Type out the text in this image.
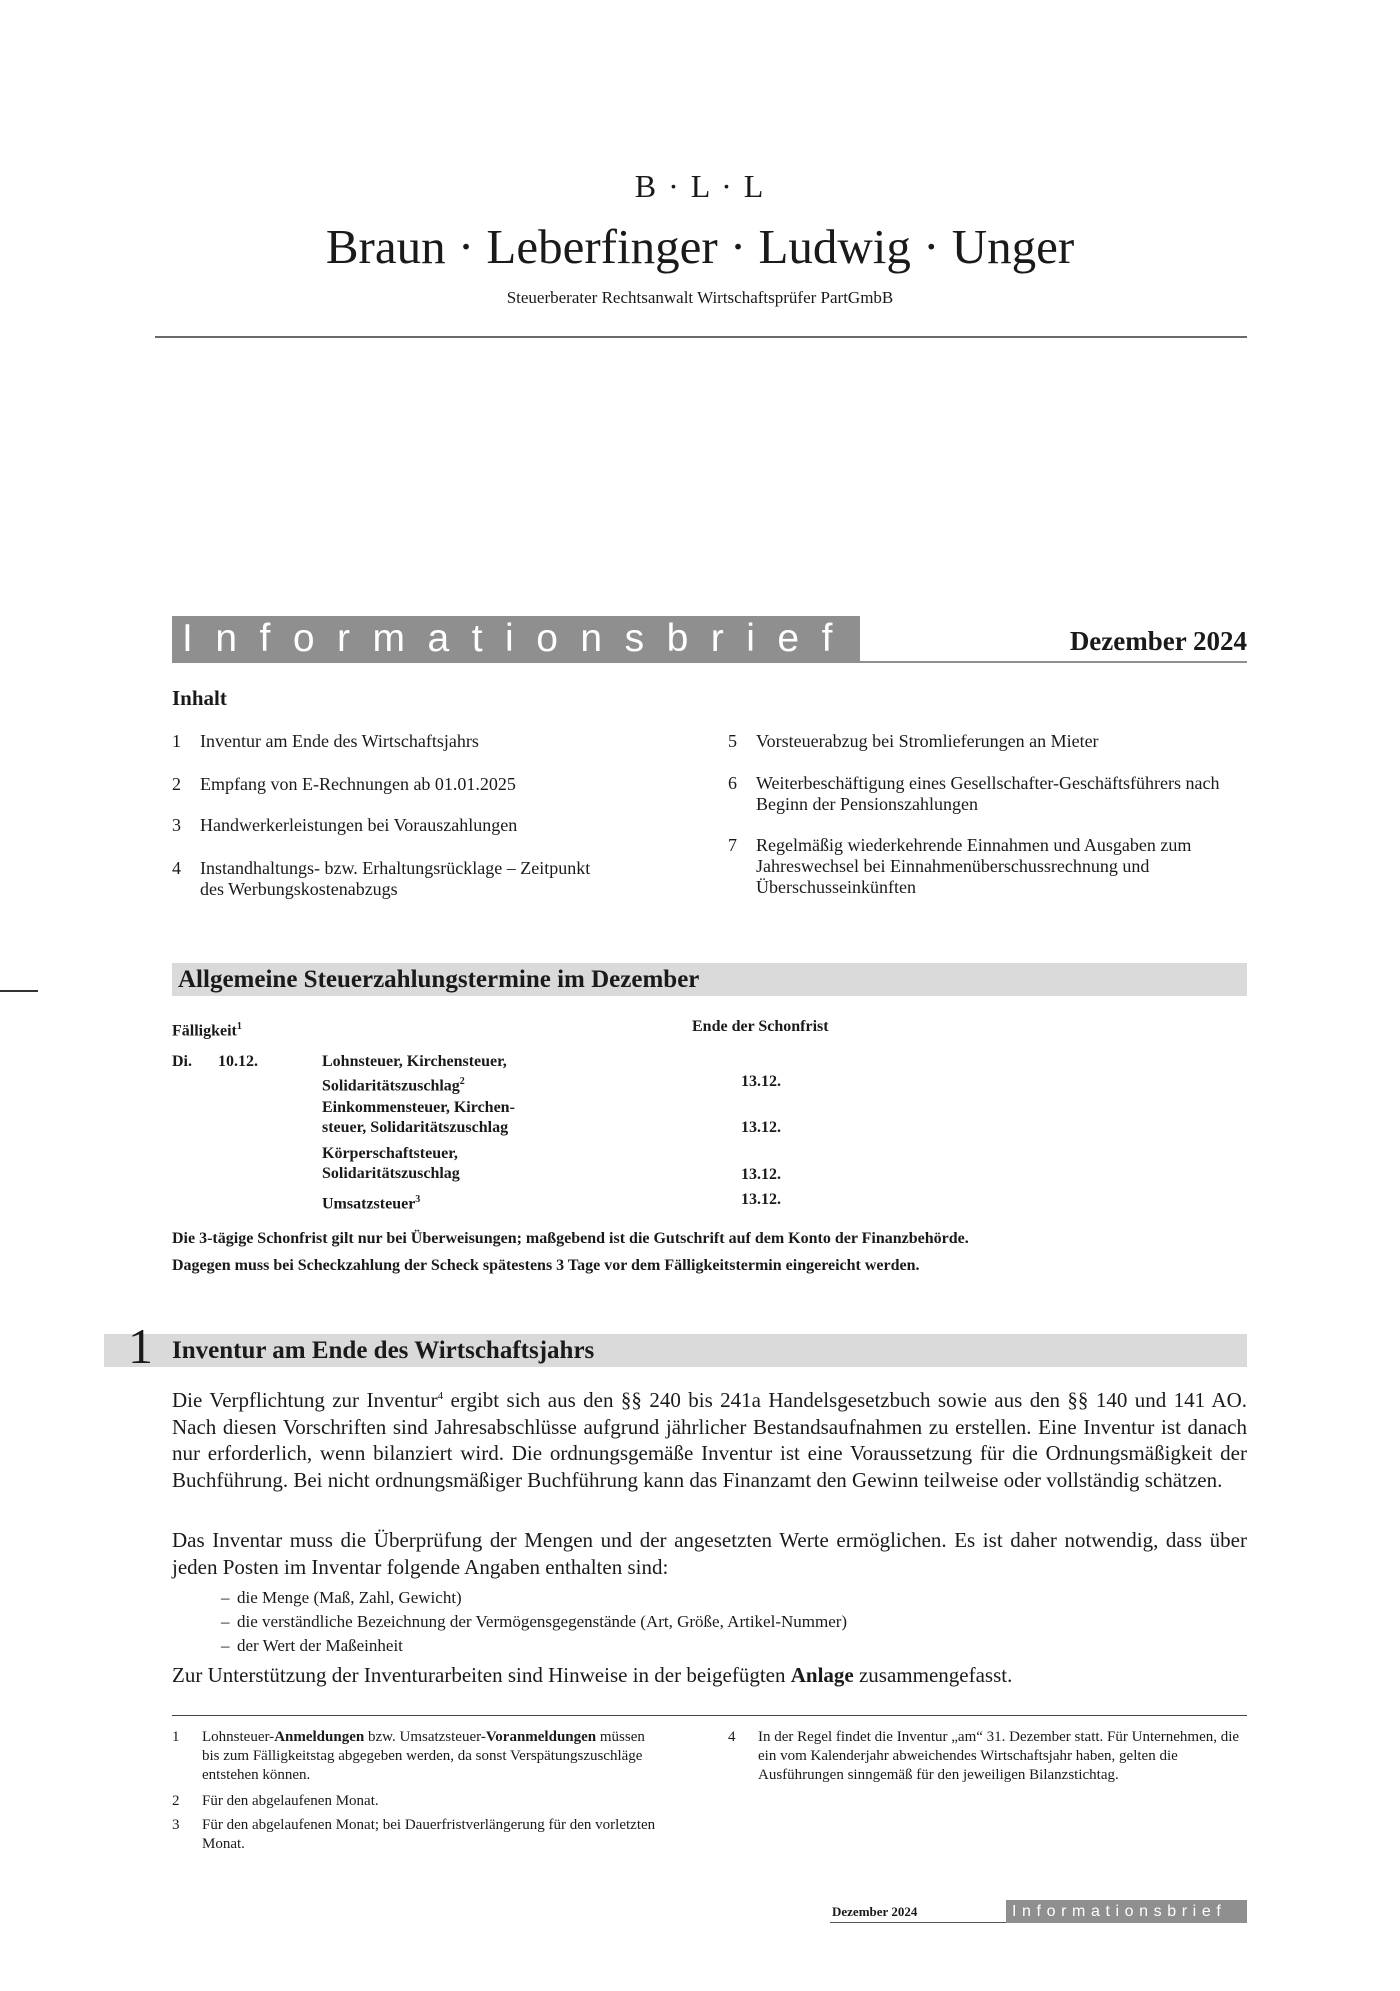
B · L · L
Braun · Leberfinger · Ludwig · Unger
Steuerberater Rechtsanwalt Wirtschaftsprüfer PartGmbB
Informationsbrief	Dezember 2024
Inhalt
1	Inventur am Ende des Wirtschaftsjahrs
2	Empfang von E-Rechnungen ab 01.01.2025
3	Handwerkerleistungen bei Vorauszahlungen
4	Instandhaltungs- bzw. Erhaltungsrücklage – Zeitpunkt des Werbungskostenabzugs
5	Vorsteuerabzug bei Stromlieferungen an Mieter
6	Weiterbeschäftigung eines Gesellschafter-Geschäftsführers nach Beginn der Pensionszahlungen
7	Regelmäßig wiederkehrende Einnahmen und Ausgaben zum Jahreswechsel bei Einnahmenüberschussrechnung und Überschusseinkünften
Allgemeine Steuerzahlungstermine im Dezember
Fälligkeit$^1$	Ende der Schonfrist
Di. 10.12.	Lohnsteuer, Kirchensteuer,
Solidaritätszuschlag$^2$	13.12.
Einkommensteuer, Kirchen-
steuer, Solidaritätszuschlag	13.12.
Körperschaftsteuer,
Solidaritätszuschlag	13.12.
Umsatzsteuer$^3$	13.12.
Die 3-tägige Schonfrist gilt nur bei Überweisungen; maßgebend ist die Gutschrift auf dem Konto der Finanzbehörde.
Dagegen muss bei Scheckzahlung der Scheck spätestens 3 Tage vor dem Fälligkeitstermin eingereicht werden.
1 Inventur am Ende des Wirtschaftsjahrs
Die Verpflichtung zur Inventur$^4$ ergibt sich aus den §§ 240 bis 241a Handelsgesetzbuch sowie aus den §§ 140 und 141 AO. Nach diesen Vorschriften sind Jahresabschlüsse aufgrund jährlicher Bestandsaufnahmen zu erstellen. Eine Inventur ist danach nur erforderlich, wenn bilanziert wird. Die ordnungsgemäße Inventur ist eine Voraussetzung für die Ordnungsmäßigkeit der Buchführung. Bei nicht ordnungsmäßiger Buchführung kann das Finanzamt den Gewinn teilweise oder vollständig schätzen.
Das Inventar muss die Überprüfung der Mengen und der angesetzten Werte ermöglichen. Es ist daher notwendig, dass über jeden Posten im Inventar folgende Angaben enthalten sind:
– die Menge (Maß, Zahl, Gewicht)
– die verständliche Bezeichnung der Vermögensgegenstände (Art, Größe, Artikel-Nummer)
– der Wert der Maßeinheit
Zur Unterstützung der Inventurarbeiten sind Hinweise in der beigefügten Anlage zusammengefasst.
1	Lohnsteuer-Anmeldungen bzw. Umsatzsteuer-Voranmeldungen müssen bis zum Fälligkeitstag abgegeben werden, da sonst Verspätungszuschläge entstehen können.
2	Für den abgelaufenen Monat.
3	Für den abgelaufenen Monat; bei Dauerfristverlängerung für den vorletzten Monat.
4	In der Regel findet die Inventur „am“ 31. Dezember statt. Für Unternehmen, die ein vom Kalenderjahr abweichendes Wirtschaftsjahr haben, gelten die Ausführungen sinngemäß für den jeweiligen Bilanzstichtag.
Dezember 2024	Informationsbrief
